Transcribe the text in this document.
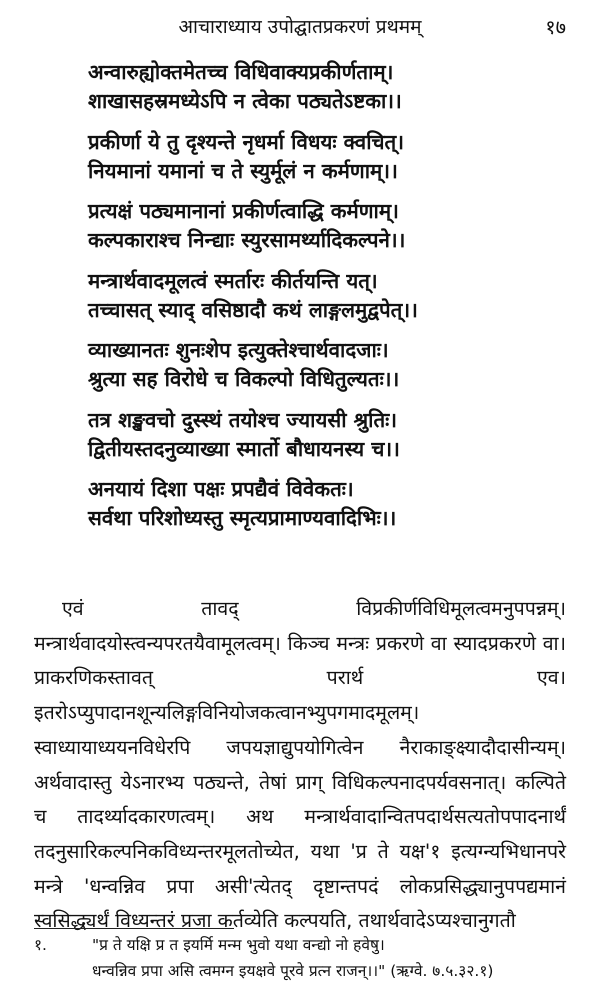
आचाराध्याय उपोद्घातप्रकरणं प्रथमम्	१७
अन्वारुह्योक्तमेतच्च विधिवाक्यप्रकीर्णताम्।
शाखासहस्रमध्येऽपि न त्वेका पठ्यतेऽष्टका।।
प्रकीर्णा ये तु दृश्यन्ते नृधर्मा विधयः क्वचित्।
नियमानां यमानां च ते स्युर्मूलं न कर्मणाम्।।
प्रत्यक्षं पठ्यमानानां प्रकीर्णत्वाद्धि कर्मणाम्।
कल्पकाराश्च निन्द्याः स्युरसामर्थ्यादिकल्पने।।
मन्त्रार्थवादमूलत्वं स्मर्तारः कीर्तयन्ति यत्।
तच्चासत् स्याद् वसिष्ठादौ कथं लाङ्गलमुद्वपेत्।।
व्याख्यानतः शुनःशेप इत्युक्तेश्चार्थवादजाः।
श्रुत्या सह विरोधे च विकल्पो विधितुल्यतः।।
तत्र शङ्खवचो दुस्स्थं तयोश्च ज्यायसी श्रुतिः।
द्वितीयस्तदनुव्याख्या स्मार्तो बौधायनस्य च।।
अनयायं दिशा पक्षः प्रपद्यैवं विवेकतः।
सर्वथा परिशोध्यस्तु स्मृत्यप्रामाण्यवादिभिः।।

एवं तावद् विप्रकीर्णविधिमूलत्वमनुपपन्नम्। मन्त्रार्थवादयोस्त्वन्यपरतयैवामूलत्वम्। किञ्च मन्त्रः प्रकरणे वा स्यादप्रकरणे वा। प्राकरणिकस्तावत् परार्थ एव। इतरोऽप्युपादानशून्यलिङ्गविनियोजकत्वानभ्युपगमादमूलम्। स्वाध्यायाध्ययनविधेरपि जपयज्ञाद्युपयोगित्वेन नैराकाङ्क्ष्यादौदासीन्यम्। अर्थवादास्तु येऽनारभ्य पठ्यन्ते, तेषां प्राग् विधिकल्पनादपर्यवसनात्। कल्पिते च तादर्थ्यादकारणत्वम्। अथ मन्त्रार्थवादान्वितपदार्थसत्यतोपपादनार्थं तदनुसारिकल्पनिकविध्यन्तरमूलतोच्येत, यथा 'प्र ते यक्ष'१ इत्यग्न्यभिधानपरे मन्त्रे 'धन्वन्निव प्रपा असी'त्येतद् दृष्टान्तपदं लोकप्रसिद्ध्यानुपपद्यमानं स्वसिद्ध्यर्थं विध्यन्तरं प्रजा कर्तव्येति कल्पयति, तथार्थवादेऽप्यश्चानुगतौ

१.	"प्र ते यक्षि प्र त इयर्मि मन्म भुवो यथा वन्द्यो नो हवेषु।
धन्वन्निव प्रपा असि त्वमग्न इयक्षवे पूरवे प्रत्न राजन्।।" (ऋग्वे. ७.५.३२.१)
